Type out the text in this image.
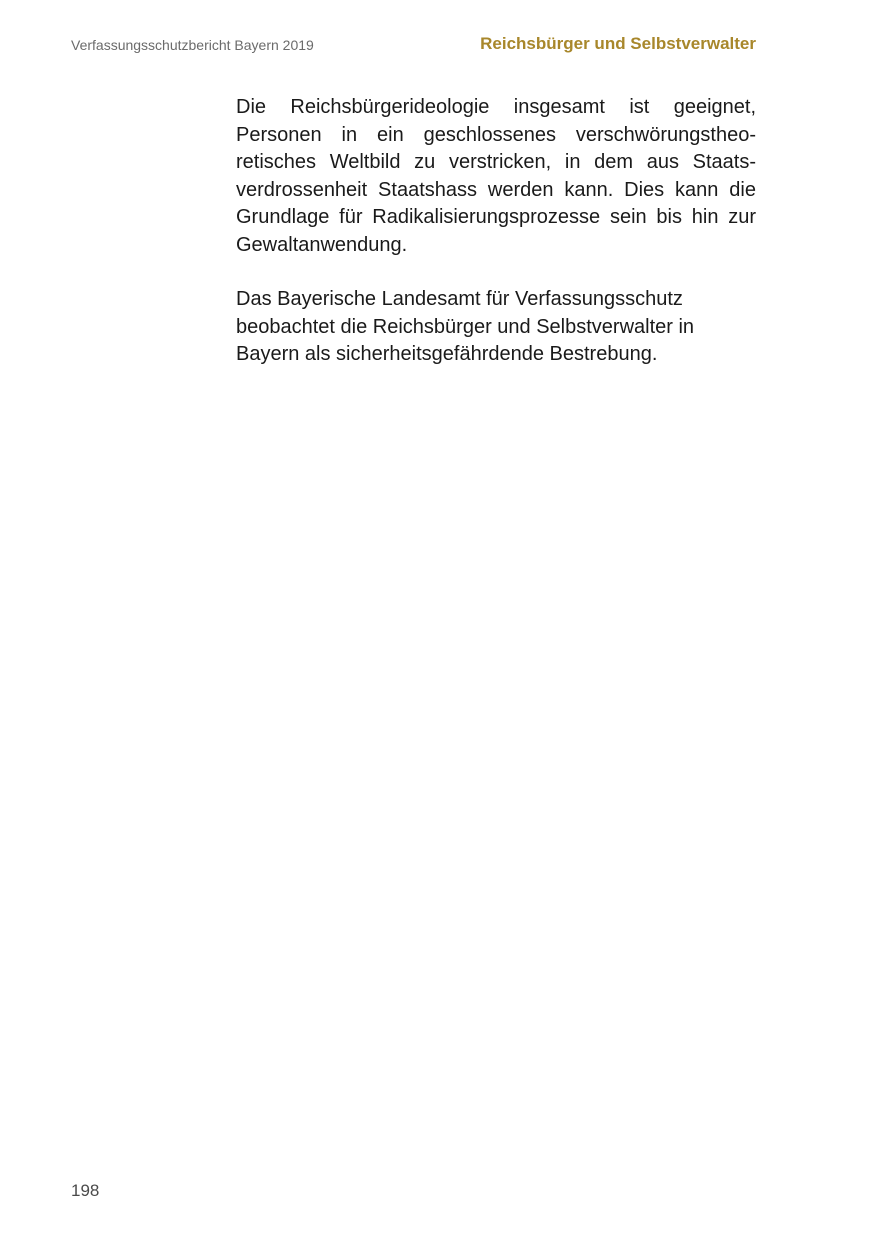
Verfassungsschutzbericht Bayern 2019	Reichsbürger und Selbstverwalter

Die Reichsbürgerideologie insgesamt ist geeignet, Personen in ein geschlossenes verschwörungstheoretisches Weltbild zu verstricken, in dem aus Staatsverdrossenheit Staatshass werden kann. Dies kann die Grundlage für Radikalisierungsprozesse sein bis hin zur Gewaltanwendung.

Das Bayerische Landesamt für Verfassungsschutz beobachtet die Reichsbürger und Selbstverwalter in Bayern als sicherheitsgefährdende Bestrebung.

198
